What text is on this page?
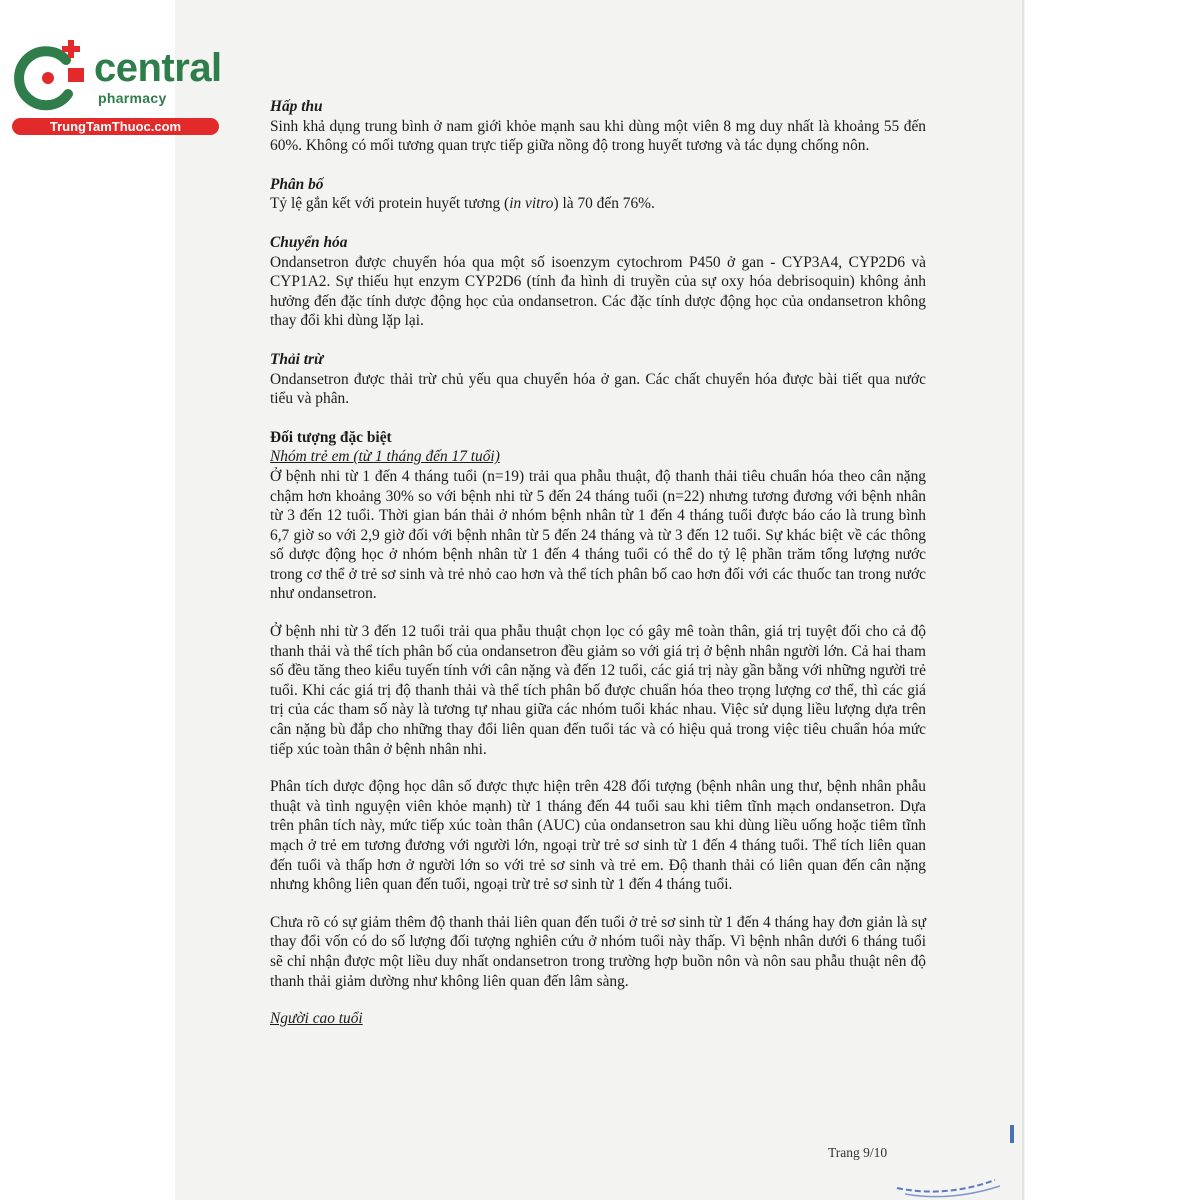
central
pharmacy
TrungTamThuoc.com

Hấp thu

Sinh khả dụng trung bình ở nam giới khỏe mạnh sau khi dùng một viên 8 mg duy nhất là khoảng 55 đến 60%. Không có mối tương quan trực tiếp giữa nồng độ trong huyết tương và tác dụng chống nôn.

Phân bố

Tỷ lệ gắn kết với protein huyết tương (in vitro) là 70 đến 76%.

Chuyển hóa

Ondansetron được chuyển hóa qua một số isoenzym cytochrom P450 ở gan - CYP3A4, CYP2D6 và CYP1A2. Sự thiếu hụt enzym CYP2D6 (tính đa hình di truyền của sự oxy hóa debrisoquin) không ảnh hưởng đến đặc tính dược động học của ondansetron. Các đặc tính dược động học của ondansetron không thay đổi khi dùng lặp lại.

Thải trừ

Ondansetron được thải trừ chủ yếu qua chuyển hóa ở gan. Các chất chuyển hóa được bài tiết qua nước tiểu và phân.

Đối tượng đặc biệt

Nhóm trẻ em (từ 1 tháng đến 17 tuổi)

Ở bệnh nhi từ 1 đến 4 tháng tuổi (n=19) trải qua phẫu thuật, độ thanh thải tiêu chuẩn hóa theo cân nặng chậm hơn khoảng 30% so với bệnh nhi từ 5 đến 24 tháng tuổi (n=22) nhưng tương đương với bệnh nhân từ 3 đến 12 tuổi. Thời gian bán thải ở nhóm bệnh nhân từ 1 đến 4 tháng tuổi được báo cáo là trung bình 6,7 giờ so với 2,9 giờ đối với bệnh nhân từ 5 đến 24 tháng và từ 3 đến 12 tuổi. Sự khác biệt về các thông số dược động học ở nhóm bệnh nhân từ 1 đến 4 tháng tuổi có thể do tỷ lệ phần trăm tổng lượng nước trong cơ thể ở trẻ sơ sinh và trẻ nhỏ cao hơn và thể tích phân bố cao hơn đối với các thuốc tan trong nước như ondansetron.

Ở bệnh nhi từ 3 đến 12 tuổi trải qua phẫu thuật chọn lọc có gây mê toàn thân, giá trị tuyệt đối cho cả độ thanh thải và thể tích phân bố của ondansetron đều giảm so với giá trị ở bệnh nhân người lớn. Cả hai tham số đều tăng theo kiểu tuyến tính với cân nặng và đến 12 tuổi, các giá trị này gần bằng với những người trẻ tuổi. Khi các giá trị độ thanh thải và thể tích phân bố được chuẩn hóa theo trọng lượng cơ thể, thì các giá trị của các tham số này là tương tự nhau giữa các nhóm tuổi khác nhau. Việc sử dụng liều lượng dựa trên cân nặng bù đắp cho những thay đổi liên quan đến tuổi tác và có hiệu quả trong việc tiêu chuẩn hóa mức tiếp xúc toàn thân ở bệnh nhân nhi.

Phân tích dược động học dân số được thực hiện trên 428 đối tượng (bệnh nhân ung thư, bệnh nhân phẫu thuật và tình nguyện viên khỏe mạnh) từ 1 tháng đến 44 tuổi sau khi tiêm tĩnh mạch ondansetron. Dựa trên phân tích này, mức tiếp xúc toàn thân (AUC) của ondansetron sau khi dùng liều uống hoặc tiêm tĩnh mạch ở trẻ em tương đương với người lớn, ngoại trừ trẻ sơ sinh từ 1 đến 4 tháng tuổi. Thể tích liên quan đến tuổi và thấp hơn ở người lớn so với trẻ sơ sinh và trẻ em. Độ thanh thải có liên quan đến cân nặng nhưng không liên quan đến tuổi, ngoại trừ trẻ sơ sinh từ 1 đến 4 tháng tuổi.

Chưa rõ có sự giảm thêm độ thanh thải liên quan đến tuổi ở trẻ sơ sinh từ 1 đến 4 tháng hay đơn giản là sự thay đổi vốn có do số lượng đối tượng nghiên cứu ở nhóm tuổi này thấp. Vì bệnh nhân dưới 6 tháng tuổi sẽ chỉ nhận được một liều duy nhất ondansetron trong trường hợp buồn nôn và nôn sau phẫu thuật nên độ thanh thải giảm dường như không liên quan đến lâm sàng.

Người cao tuổi

Trang 9/10
